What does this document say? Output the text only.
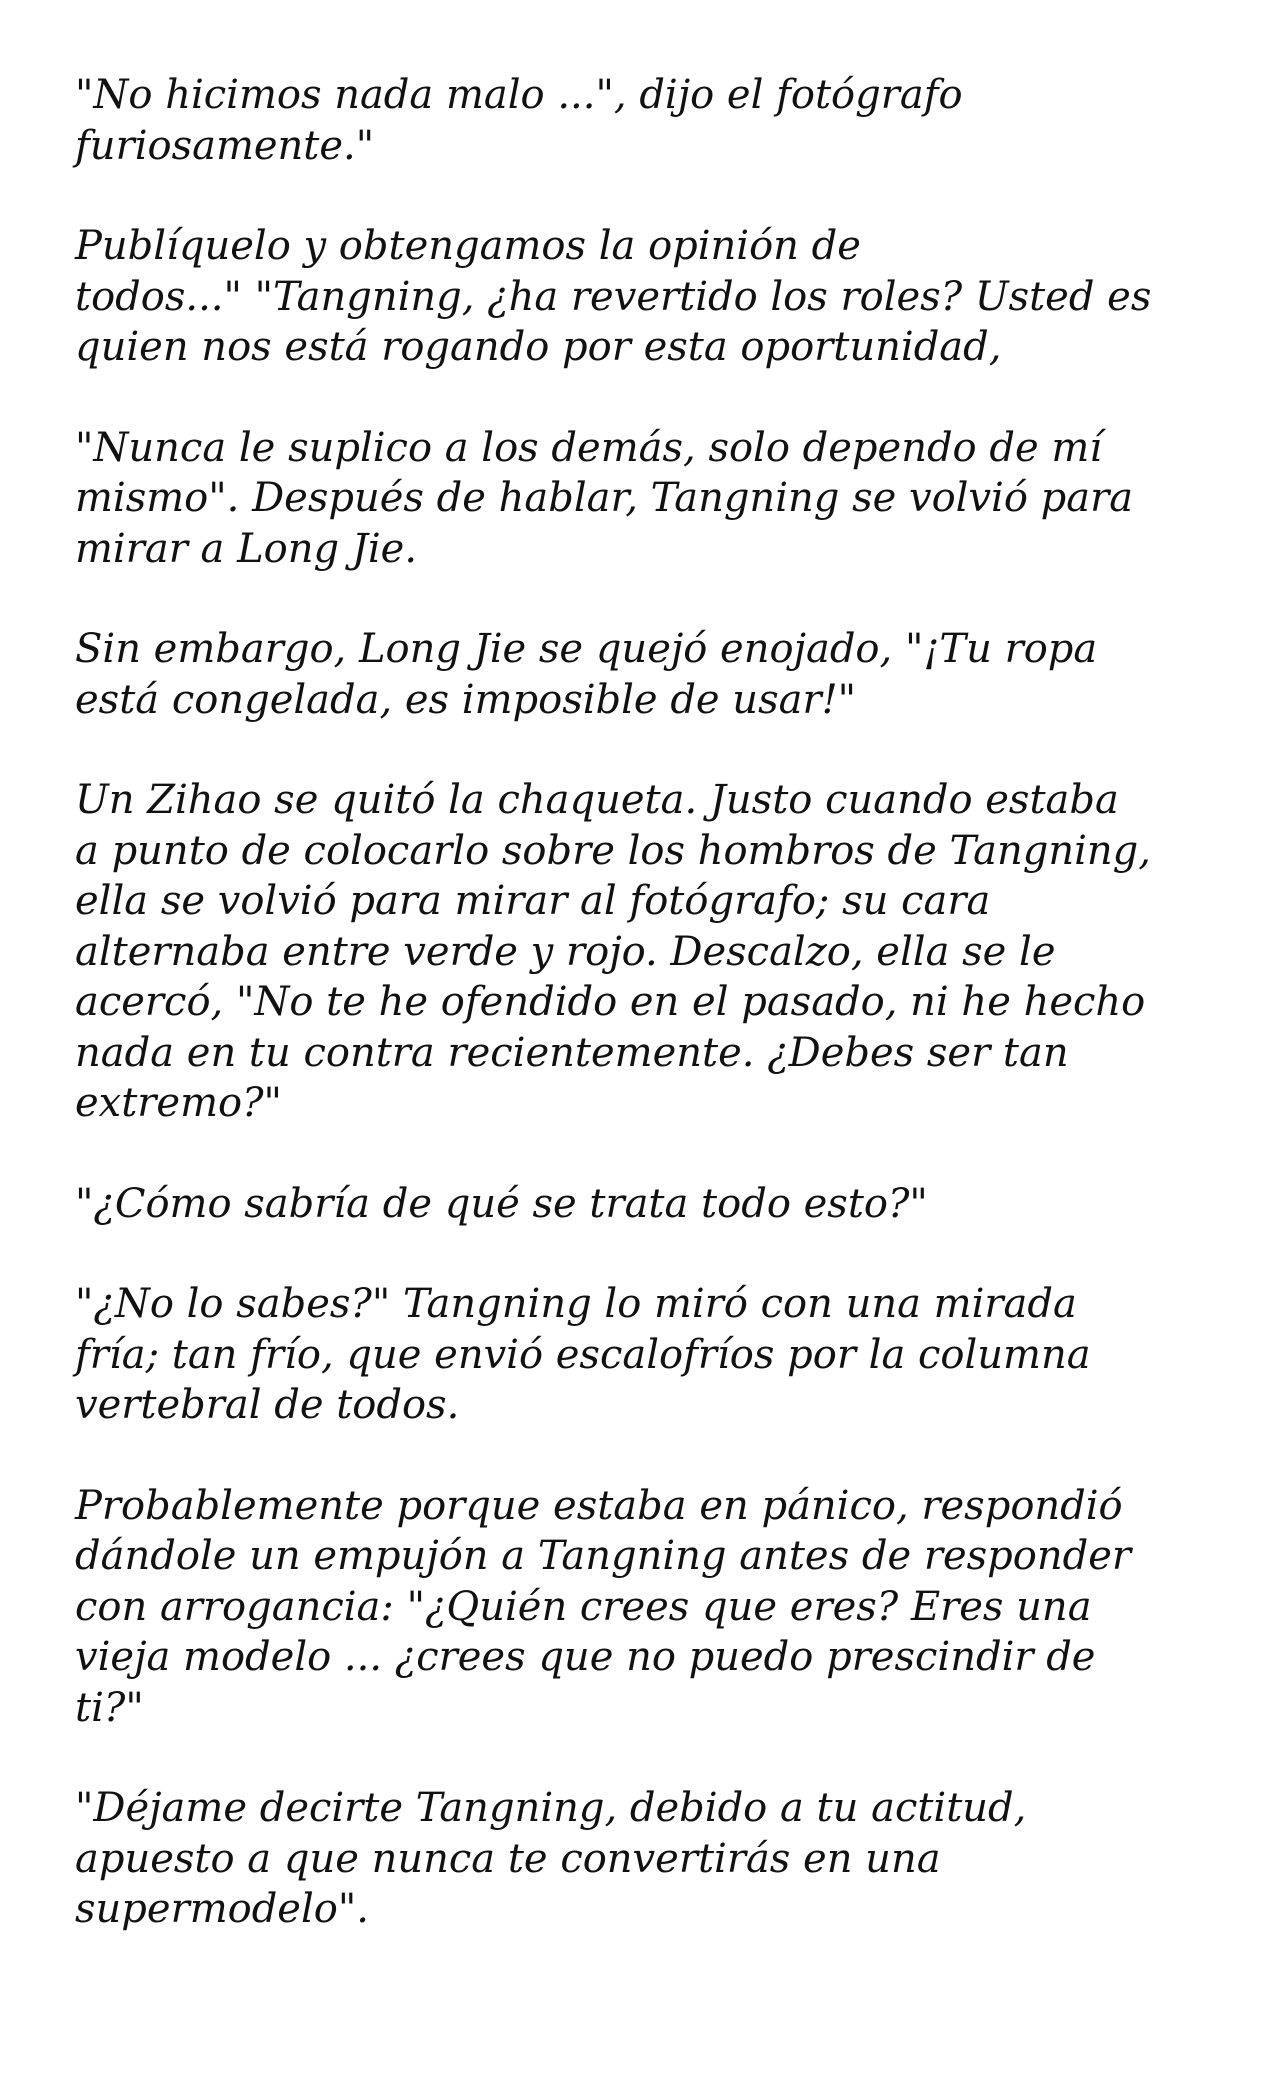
"No hicimos nada malo ...", dijo el fotógrafo
furiosamente."

Publíquelo y obtengamos la opinión de
todos..." "Tangning, ¿ha revertido los roles? Usted es
quien nos está rogando por esta oportunidad,

"Nunca le suplico a los demás, solo dependo de mí
mismo". Después de hablar, Tangning se volvió para
mirar a Long Jie.

Sin embargo, Long Jie se quejó enojado, "¡Tu ropa
está congelada, es imposible de usar!"

Un Zihao se quitó la chaqueta. Justo cuando estaba
a punto de colocarlo sobre los hombros de Tangning,
ella se volvió para mirar al fotógrafo; su cara
alternaba entre verde y rojo. Descalzo, ella se le
acercó, "No te he ofendido en el pasado, ni he hecho
nada en tu contra recientemente. ¿Debes ser tan
extremo?"

"¿Cómo sabría de qué se trata todo esto?"

"¿No lo sabes?" Tangning lo miró con una mirada
fría; tan frío, que envió escalofríos por la columna
vertebral de todos.

Probablemente porque estaba en pánico, respondió
dándole un empujón a Tangning antes de responder
con arrogancia: "¿Quién crees que eres? Eres una
vieja modelo ... ¿crees que no puedo prescindir de
ti?"

"Déjame decirte Tangning, debido a tu actitud,
apuesto a que nunca te convertirás en una
supermodelo".
